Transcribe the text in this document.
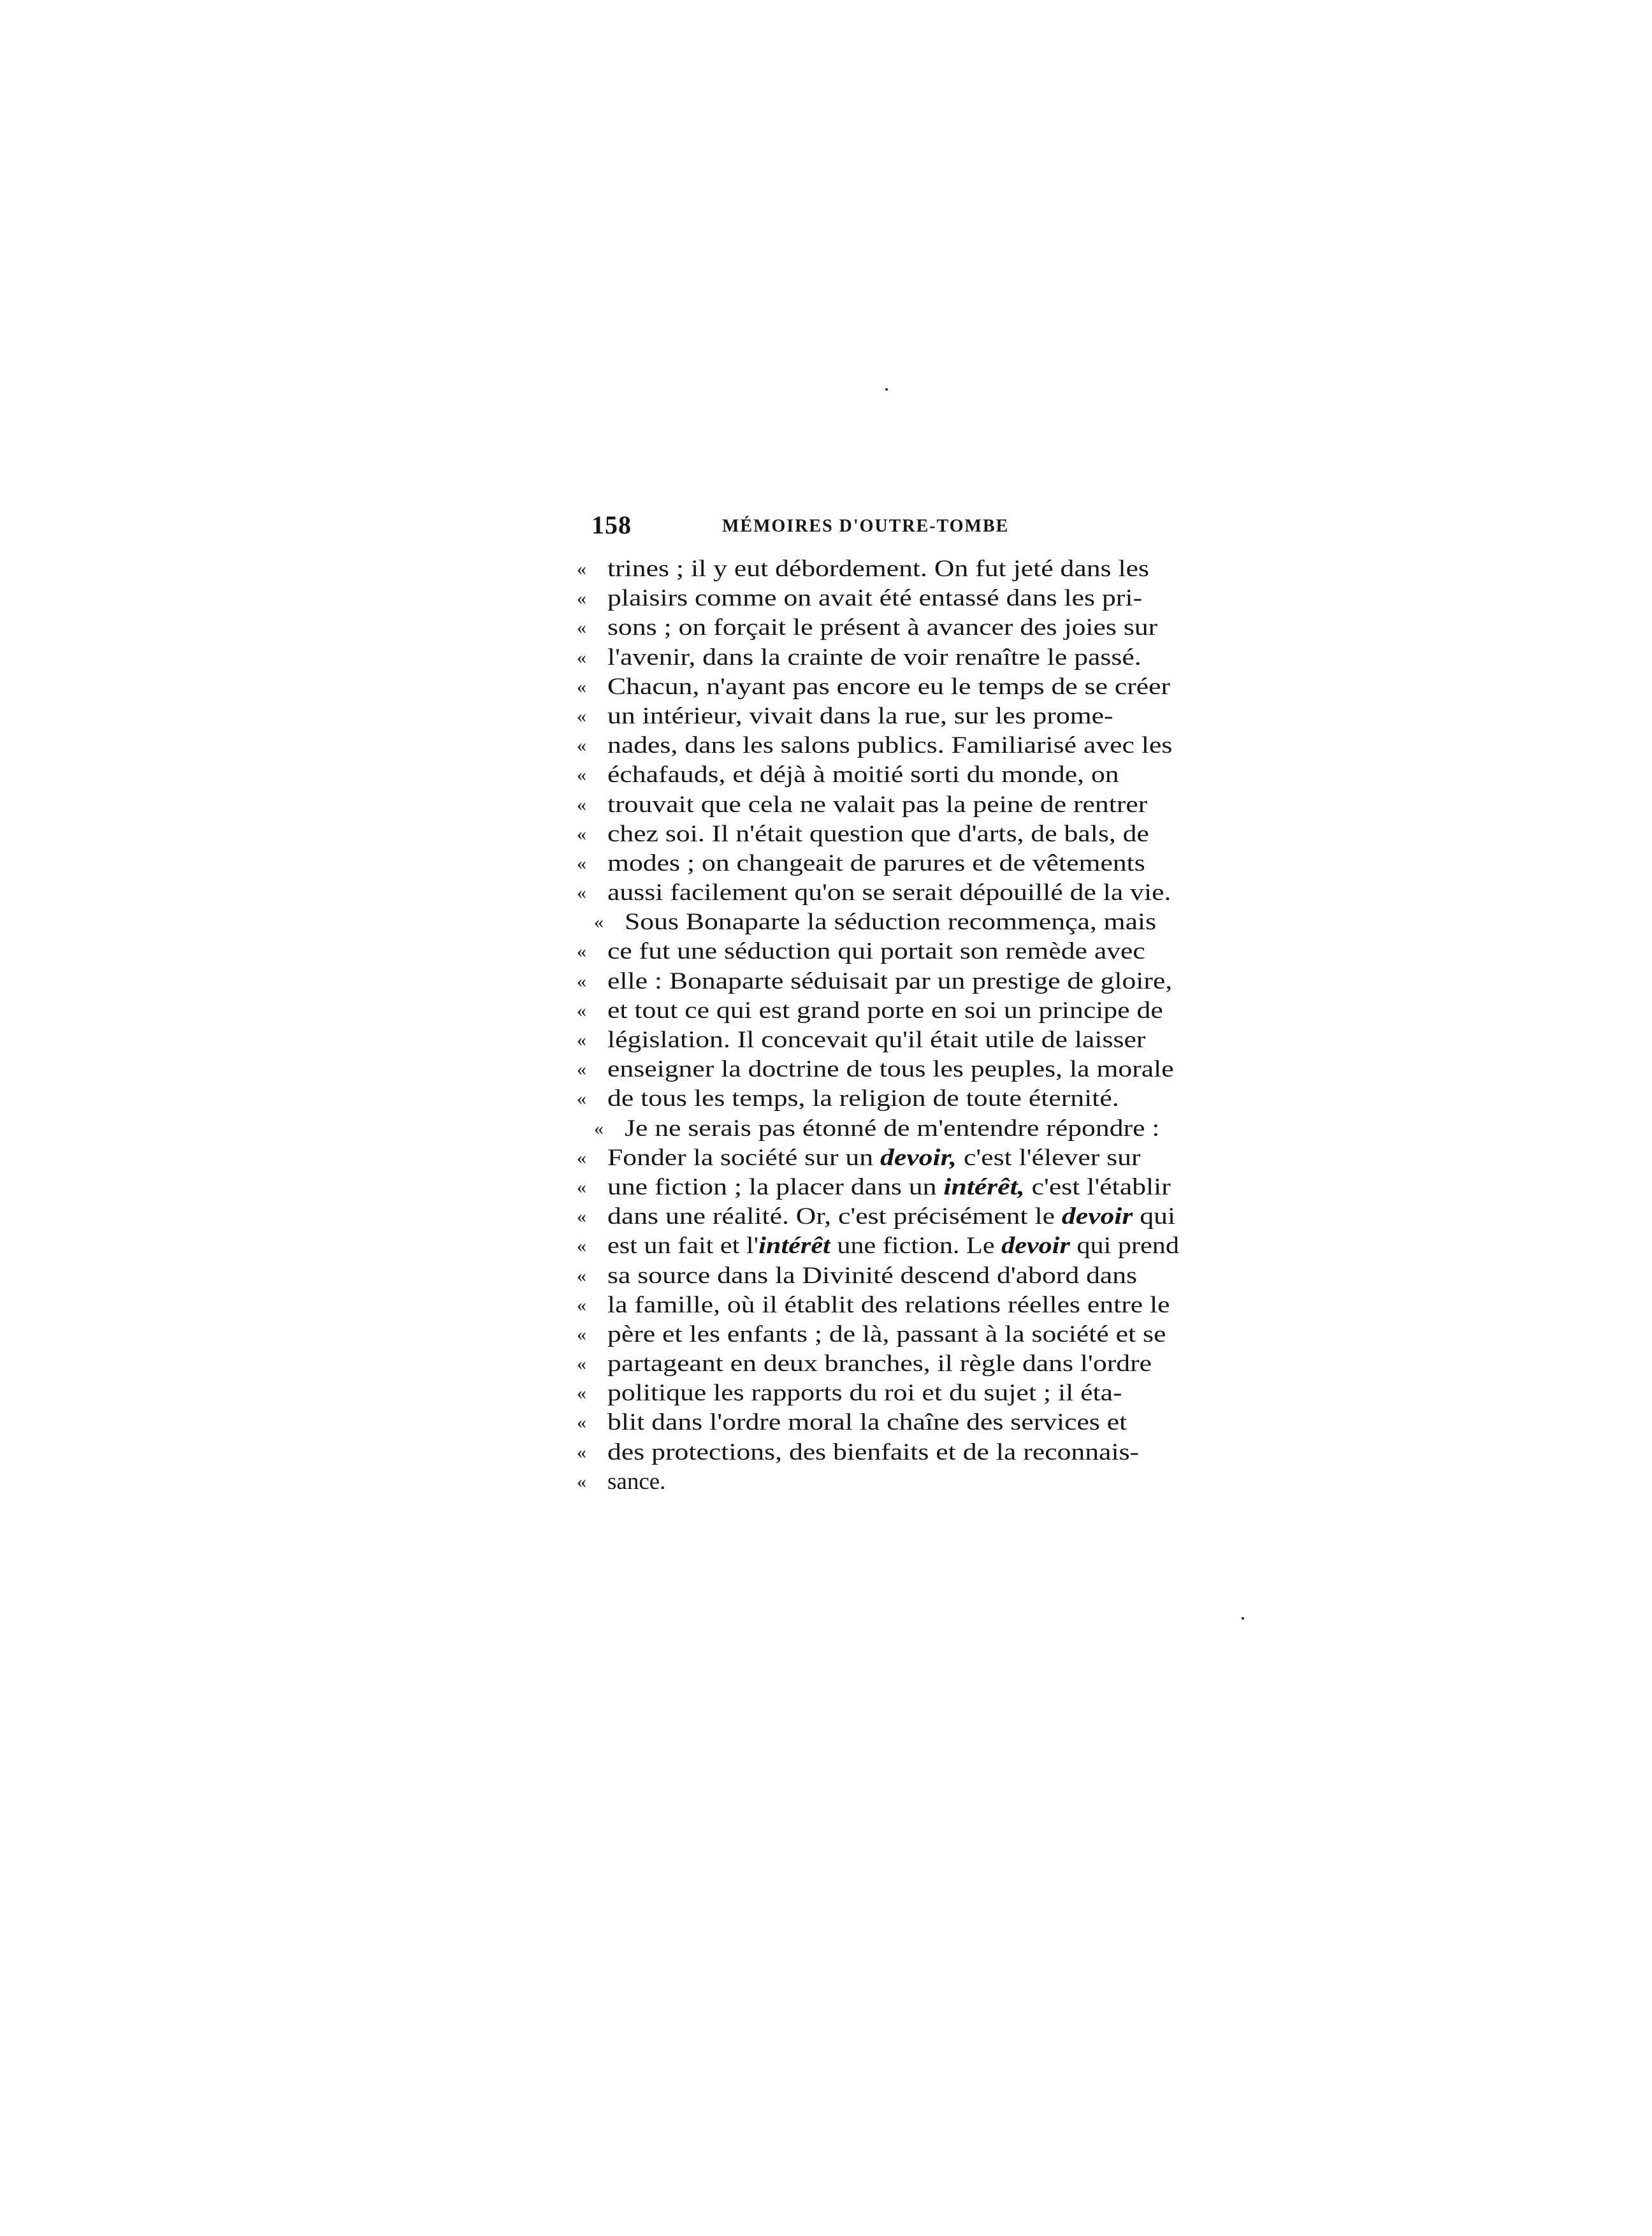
158	MÉMOIRES D'OUTRE-TOMBE
« trines ; il y eut débordement. On fut jeté dans les
« plaisirs comme on avait été entassé dans les pri-
« sons ; on forçait le présent à avancer des joies sur
« l'avenir, dans la crainte de voir renaître le passé.
« Chacun, n'ayant pas encore eu le temps de se créer
« un intérieur, vivait dans la rue, sur les prome-
« nades, dans les salons publics. Familiarisé avec les
« échafauds, et déjà à moitié sorti du monde, on
« trouvait que cela ne valait pas la peine de rentrer
« chez soi. Il n'était question que d'arts, de bals, de
« modes ; on changeait de parures et de vêtements
« aussi facilement qu'on se serait dépouillé de la vie.
« Sous Bonaparte la séduction recommença, mais
« ce fut une séduction qui portait son remède avec
« elle : Bonaparte séduisait par un prestige de gloire,
« et tout ce qui est grand porte en soi un principe de
« législation. Il concevait qu'il était utile de laisser
« enseigner la doctrine de tous les peuples, la morale
« de tous les temps, la religion de toute éternité.
« Je ne serais pas étonné de m'entendre répondre :
« Fonder la société sur un devoir, c'est l'élever sur
« une fiction ; la placer dans un intérêt, c'est l'établir
« dans une réalité. Or, c'est précisément le devoir qui
« est un fait et l'intérêt une fiction. Le devoir qui prend
« sa source dans la Divinité descend d'abord dans
« la famille, où il établit des relations réelles entre le
« père et les enfants ; de là, passant à la société et se
« partageant en deux branches, il règle dans l'ordre
« politique les rapports du roi et du sujet ; il éta-
« blit dans l'ordre moral la chaîne des services et
« des protections, des bienfaits et de la reconnais-
« sance.
